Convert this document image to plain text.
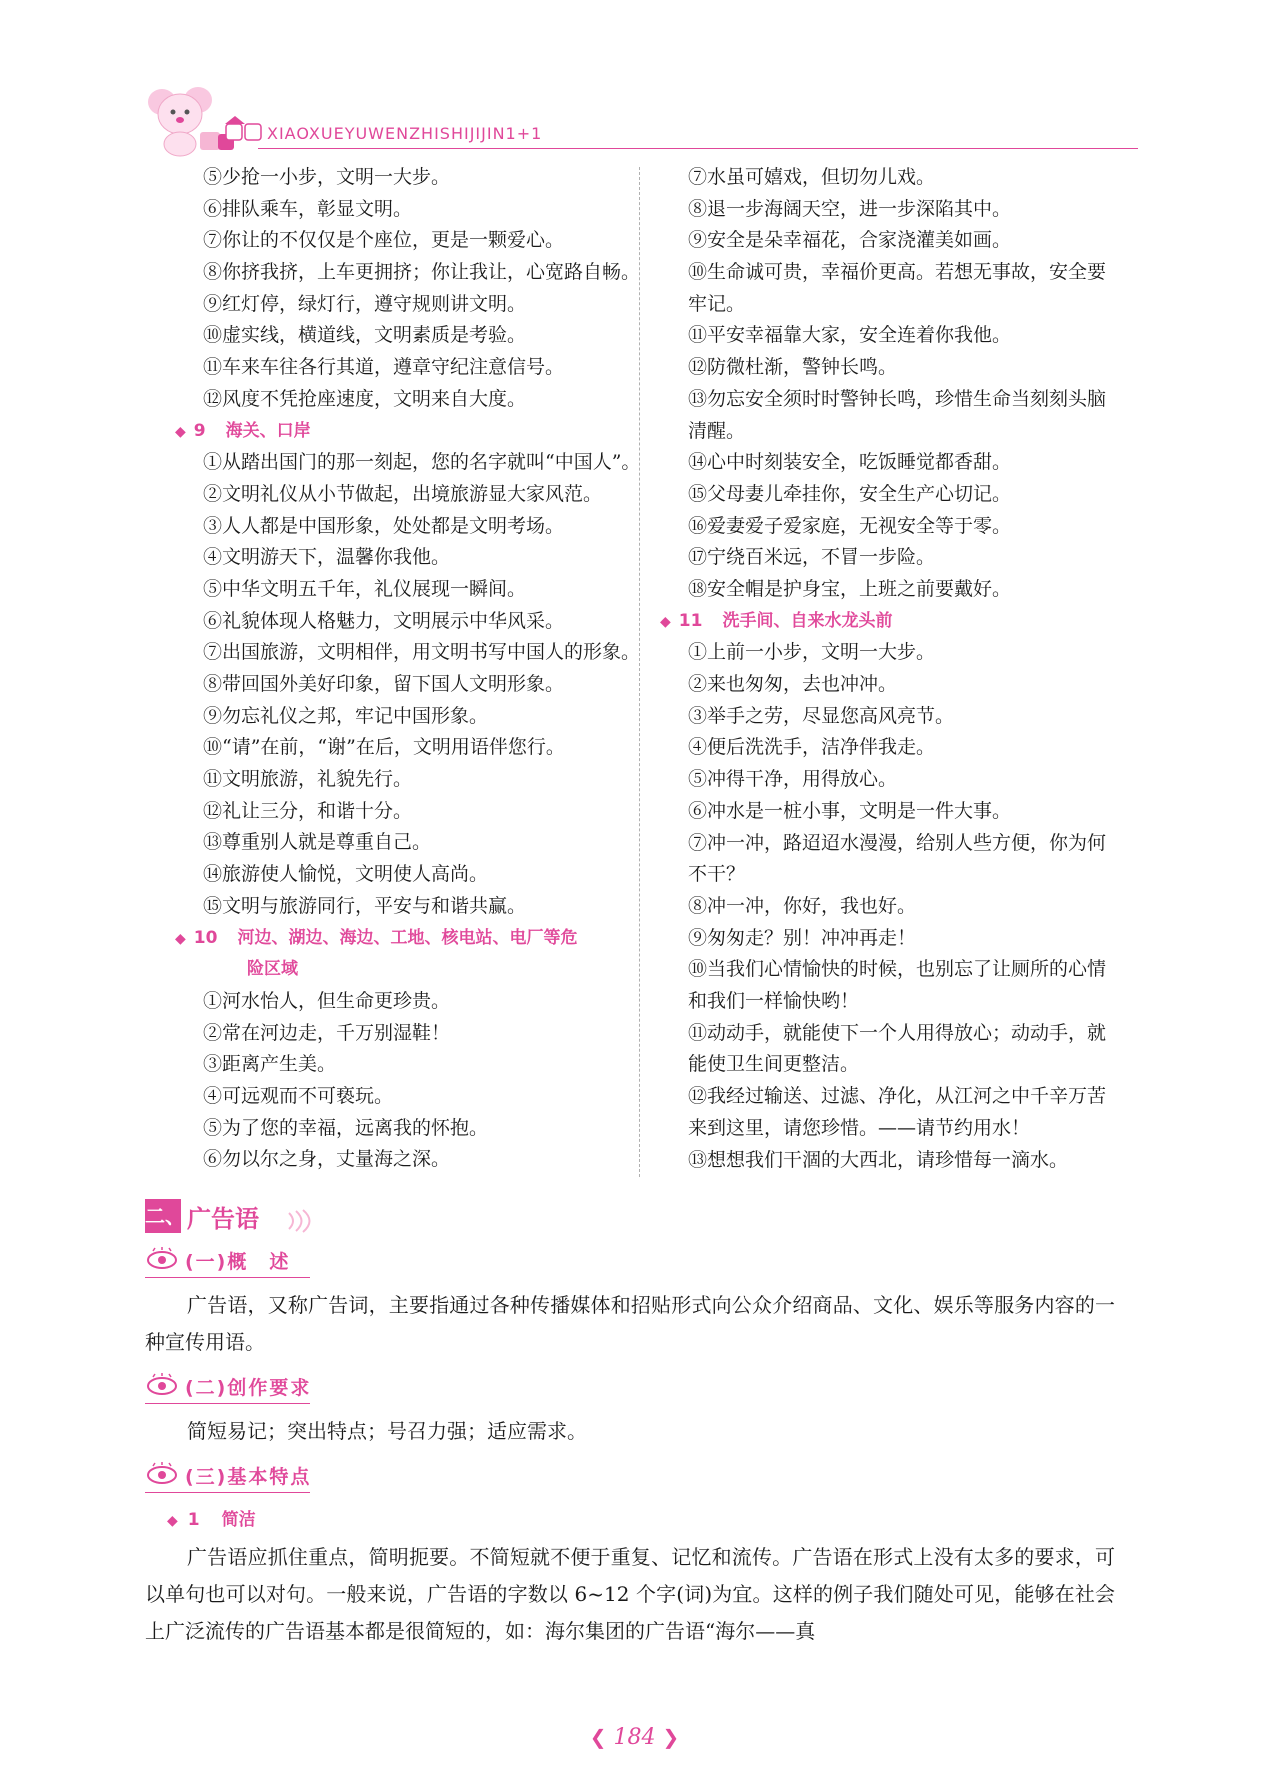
XIAOXUEYUWENZHISHIJIJIN1+1
⑤少抢一小步，文明一大步。
⑥排队乘车，彰显文明。
⑦你让的不仅仅是个座位，更是一颗爱心。
⑧你挤我挤，上车更拥挤；你让我让，心宽路自畅。
⑨红灯停，绿灯行，遵守规则讲文明。
⑩虚实线，横道线，文明素质是考验。
⑪车来车往各行其道，遵章守纪注意信号。
⑫风度不凭抢座速度，文明来自大度。
◆ 9 海关、口岸
①从踏出国门的那一刻起，您的名字就叫“中国人”。
②文明礼仪从小节做起，出境旅游显大家风范。
③人人都是中国形象，处处都是文明考场。
④文明游天下，温馨你我他。
⑤中华文明五千年，礼仪展现一瞬间。
⑥礼貌体现人格魅力，文明展示中华风采。
⑦出国旅游，文明相伴，用文明书写中国人的形象。
⑧带回国外美好印象，留下国人文明形象。
⑨勿忘礼仪之邦，牢记中国形象。
⑩“请”在前，“谢”在后，文明用语伴您行。
⑪文明旅游，礼貌先行。
⑫礼让三分，和谐十分。
⑬尊重别人就是尊重自己。
⑭旅游使人愉悦，文明使人高尚。
⑮文明与旅游同行，平安与和谐共赢。
◆ 10 河边、湖边、海边、工地、核电站、电厂等危
险区域
①河水怡人，但生命更珍贵。
②常在河边走，千万别湿鞋！
③距离产生美。
④可远观而不可亵玩。
⑤为了您的幸福，远离我的怀抱。
⑥勿以尔之身，丈量海之深。
⑦水虽可嬉戏，但切勿儿戏。
⑧退一步海阔天空，进一步深陷其中。
⑨安全是朵幸福花，合家浇灌美如画。
⑩生命诚可贵，幸福价更高。若想无事故，安全要牢记。
⑪平安幸福靠大家，安全连着你我他。
⑫防微杜渐，警钟长鸣。
⑬勿忘安全须时时警钟长鸣，珍惜生命当刻刻头脑清醒。
⑭心中时刻装安全，吃饭睡觉都香甜。
⑮父母妻儿牵挂你，安全生产心切记。
⑯爱妻爱子爱家庭，无视安全等于零。
⑰宁绕百米远，不冒一步险。
⑱安全帽是护身宝，上班之前要戴好。
◆ 11 洗手间、自来水龙头前
①上前一小步，文明一大步。
②来也匆匆，去也冲冲。
③举手之劳，尽显您高风亮节。
④便后洗洗手，洁净伴我走。
⑤冲得干净，用得放心。
⑥冲水是一桩小事，文明是一件大事。
⑦冲一冲，路迢迢水漫漫，给别人些方便，你为何不干？
⑧冲一冲，你好，我也好。
⑨匆匆走？别！冲冲再走！
⑩当我们心情愉快的时候，也别忘了让厕所的心情和我们一样愉快哟！
⑪动动手，就能使下一个人用得放心；动动手，就能使卫生间更整洁。
⑫我经过输送、过滤、净化，从江河之中千辛万苦来到这里，请您珍惜。——请节约用水！
⑬想想我们干涸的大西北，请珍惜每一滴水。
二、 广告语
(一)概　述
广告语，又称广告词，主要指通过各种传播媒体和招贴形式向公众介绍商品、文化、娱乐等服务内容的一种宣传用语。
(二)创作要求
简短易记；突出特点；号召力强；适应需求。
(三)基本特点
◆ 1 简洁
广告语应抓住重点，简明扼要。不简短就不便于重复、记忆和流传。广告语在形式上没有太多的要求，可以单句也可以对句。一般来说，广告语的字数以 6~12 个字(词)为宜。这样的例子我们随处可见，能够在社会上广泛流传的广告语基本都是很简短的，如：海尔集团的广告语“海尔——真
❮ 184 ❯
